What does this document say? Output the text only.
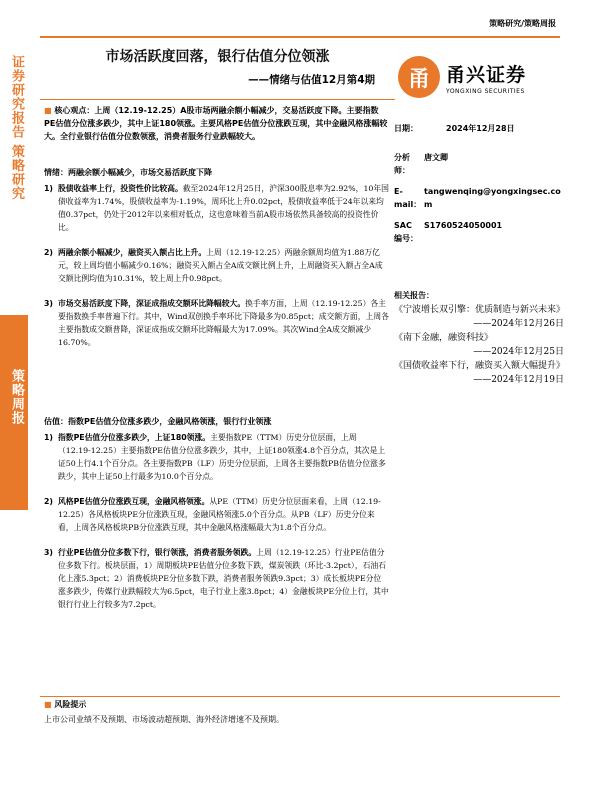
策略研究/策略周报
证券研究报告 策略研究
策略周报
市场活跃度回落，银行估值分位领涨
——情绪与估值12月第4期	甬 甬兴证券
YONGXING SECURITIES
■ 核心观点：上周（12.19-12.25）A股市场两融余额小幅减少，交易活跃度下降。主要指数PE估值分位涨多跌少，其中上证180领涨。主要风格PE估值分位涨跌互现，其中金融风格涨幅较大。全行业银行估值分位数领涨，消费者服务行业跌幅较大。
情绪：两融余额小幅减少，市场交易活跃度下降
1) 股债收益率上行，投资性价比较高。截至2024年12月25日，沪深300股息率为2.92%，10年国债收益率为1.74%，股债收益率为-1.19%，周环比上升0.02pct，股债收益率低于24年以来均值0.37pct，仍处于2012年以来相对低点，这也意味着当前A股市场依然具备较高的投资性价比。
2) 两融余额小幅减少，融资买入额占比上升。上周（12.19-12.25）两融余额周均值为1.88万亿元，较上周均值小幅减少0.16%；融资买入额占全A成交额比例上升，上周融资买入额占全A成交额比例均值为10.31%，较上周上升0.98pct。
3) 市场交易活跃度下降，深证成指成交额环比降幅较大。换手率方面，上周（12.19-12.25）各主要指数换手率普遍下行。其中，Wind双创换手率环比下降最多为0.85pct；成交额方面，上周各主要指数成交额普降，深证成指成交额环比降幅最大为17.09%。其次Wind全A成交额减少16.70%。
估值：指数PE估值分位涨多跌少，金融风格领涨，银行行业领涨
1) 指数PE估值分位涨多跌少，上证180领涨。主要指数PE（TTM）历史分位层面，上周（12.19-12.25）主要指数PE估值分位涨多跌少，其中，上证180领涨4.8个百分点，其次是上证50上行4.1个百分点。各主要指数PB（LF）历史分位层面，上周各主要指数PB估值分位涨多跌少，其中上证50上行最多为10.0个百分点。
2) 风格PE估值分位涨跌互现，金融风格领涨。从PE（TTM）历史分位层面来看，上周（12.19-12.25）各风格板块PE分位涨跌互现，金融风格领涨5.0个百分点。从PB（LF）历史分位来看，上周各风格板块PB分位涨跌互现，其中金融风格涨幅最大为1.8个百分点。
3) 行业PE估值分位多数下行，银行领涨，消费者服务领跌。上周（12.19-12.25）行业PE估值分位多数下行。板块层面，1）周期板块PE估值分位多数下跌，煤炭领跌（环比-3.2pct），石油石化上涨5.3pct；2）消费板块PE分位多数下跌，消费者服务领跌9.3pct；3）成长板块PE分位涨多跌少，传媒行业跌幅较大为6.5pct，电子行业上涨3.8pct；4）金融板块PE分位上行，其中银行行业上行较多为7.2pct。
日期：	2024年12月28日
分析师：
唐文卿
E-mail：
tangwenqing@yongxingsec.com
SAC编号：
S1760524050001
相关报告：
《宁波增长双引擎：优质制造与新兴未来》
——2024年12月26日
《南下金融，融资科技》
——2024年12月25日
《国债收益率下行，融资买入额大幅提升》
——2024年12月19日
■ 风险提示
上市公司业绩不及预期、市场波动超预期、海外经济增速不及预期。
